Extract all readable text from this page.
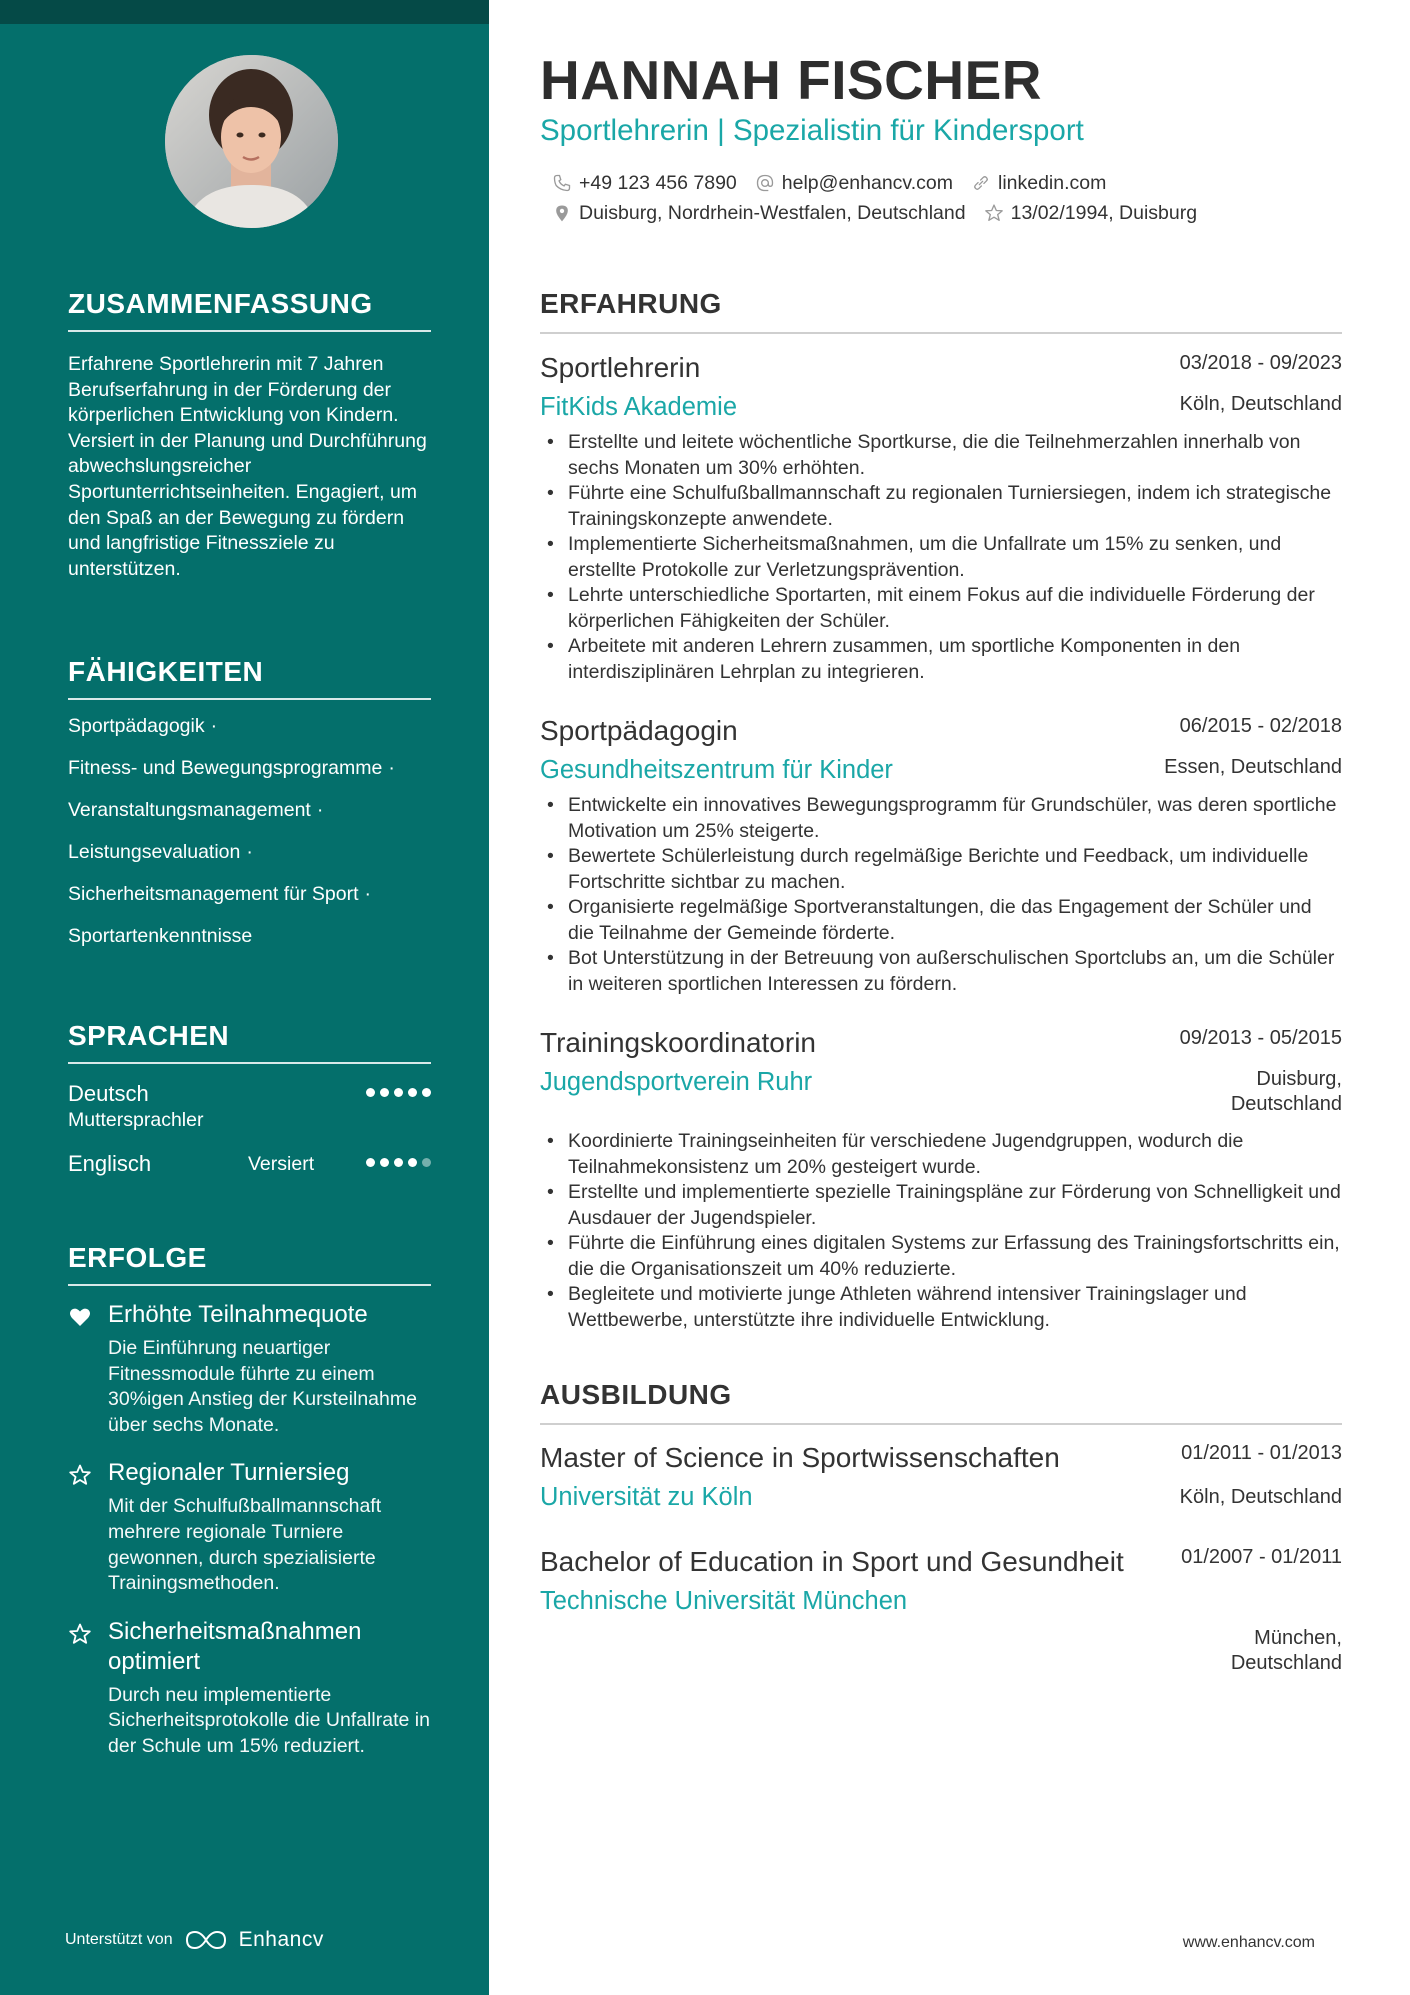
ZUSAMMENFASSUNG

Erfahrene Sportlehrerin mit 7 Jahren Berufserfahrung in der Förderung der körperlichen Entwicklung von Kindern. Versiert in der Planung und Durchführung abwechslungsreicher Sportunterrichtseinheiten. Engagiert, um den Spaß an der Bewegung zu fördern und langfristige Fitnessziele zu unterstützen.

FÄHIGKEITEN
Sportpädagogik ·
Fitness- und Bewegungsprogramme ·
Veranstaltungsmanagement ·
Leistungsevaluation ·
Sicherheitsmanagement für Sport ·
Sportartenkenntnisse
SPRACHEN
Deutsch
Muttersprachler
Englisch	Versiert
ERFOLGE
Erhöhte Teilnahmequote
Die Einführung neuartiger Fitnessmodule führte zu einem 30%igen Anstieg der Kursteilnahme über sechs Monate.
Regionaler Turniersieg
Mit der Schulfußballmannschaft mehrere regionale Turniere gewonnen, durch spezialisierte Trainingsmethoden.
Sicherheitsmaßnahmen optimiert
Durch neu implementierte Sicherheitsprotokolle die Unfallrate in der Schule um 15% reduziert.
Unterstützt von	Enhancv
HANNAH FISCHER
Sportlehrerin | Spezialistin für Kindersport
+49 123 456 7890 help@enhancv.com linkedin.com
Duisburg, Nordrhein-Westfalen, Deutschland 13/02/1994, Duisburg
ERFAHRUNG
Sportlehrerin	03/2018 - 09/2023
FitKids Akademie	Köln, Deutschland
• Erstellte und leitete wöchentliche Sportkurse, die die Teilnehmerzahlen innerhalb von sechs Monaten um 30% erhöhten.
• Führte eine Schulfußballmannschaft zu regionalen Turniersiegen, indem ich strategische Trainingskonzepte anwendete.
• Implementierte Sicherheitsmaßnahmen, um die Unfallrate um 15% zu senken, und erstellte Protokolle zur Verletzungsprävention.
• Lehrte unterschiedliche Sportarten, mit einem Fokus auf die individuelle Förderung der körperlichen Fähigkeiten der Schüler.
• Arbeitete mit anderen Lehrern zusammen, um sportliche Komponenten in den interdisziplinären Lehrplan zu integrieren.
Sportpädagogin	06/2015 - 02/2018
Gesundheitszentrum für Kinder	Essen, Deutschland
• Entwickelte ein innovatives Bewegungsprogramm für Grundschüler, was deren sportliche Motivation um 25% steigerte.
• Bewertete Schülerleistung durch regelmäßige Berichte und Feedback, um individuelle Fortschritte sichtbar zu machen.
• Organisierte regelmäßige Sportveranstaltungen, die das Engagement der Schüler und die Teilnahme der Gemeinde förderte.
• Bot Unterstützung in der Betreuung von außerschulischen Sportclubs an, um die Schüler in weiteren sportlichen Interessen zu fördern.
Trainingskoordinatorin	09/2013 - 05/2015
Jugendsportverein Ruhr	Duisburg,
Deutschland
• Koordinierte Trainingseinheiten für verschiedene Jugendgruppen, wodurch die Teilnahmekonsistenz um 20% gesteigert wurde.
• Erstellte und implementierte spezielle Trainingspläne zur Förderung von Schnelligkeit und Ausdauer der Jugendspieler.
• Führte die Einführung eines digitalen Systems zur Erfassung des Trainingsfortschritts ein, die die Organisationszeit um 40% reduzierte.
• Begleitete und motivierte junge Athleten während intensiver Trainingslager und Wettbewerbe, unterstützte ihre individuelle Entwicklung.
AUSBILDUNG
Master of Science in Sportwissenschaften	01/2011 - 01/2013
Universität zu Köln	Köln, Deutschland
Bachelor of Education in Sport und Gesundheit	01/2007 - 01/2011
Technische Universität München
München,
Deutschland
www.enhancv.com
